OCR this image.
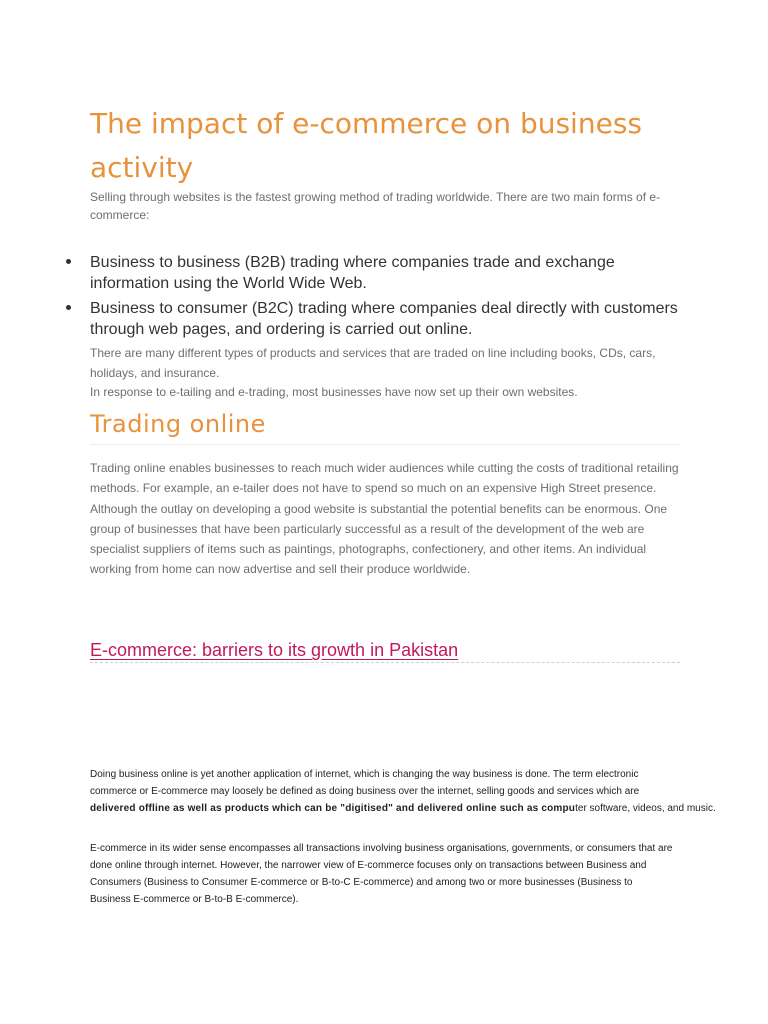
The impact of e-commerce on business
activity

Selling through websites is the fastest growing method of trading worldwide. There are two main forms of e-
commerce:

Business to business (B2B) trading where companies trade and exchange
information using the World Wide Web.
Business to consumer (B2C) trading where companies deal directly with customers
through web pages, and ordering is carried out online.

There are many different types of products and services that are traded on line including books, CDs, cars,
holidays, and insurance.
In response to e-tailing and e-trading, most businesses have now set up their own websites.

Trading online

Trading online enables businesses to reach much wider audiences while cutting the costs of traditional retailing
methods. For example, an e-tailer does not have to spend so much on an expensive High Street presence.
Although the outlay on developing a good website is substantial the potential benefits can be enormous. One
group of businesses that have been particularly successful as a result of the development of the web are
specialist suppliers of items such as paintings, photographs, confectionery, and other items. An individual
working from home can now advertise and sell their produce worldwide.

E-commerce: barriers to its growth in Pakistan

Doing business online is yet another application of internet, which is changing the way business is done. The term electronic
commerce or E-commerce may loosely be defined as doing business over the internet, selling goods and services which are
delivered offline as well as products which can be "digitised" and delivered online such as computer software, videos, and music.

E-commerce in its wider sense encompasses all transactions involving business organisations, governments, or consumers that are
done online through internet. However, the narrower view of E-commerce focuses only on transactions between Business and
Consumers (Business to Consumer E-commerce or B-to-C E-commerce) and among two or more businesses (Business to
Business E-commerce or B-to-B E-commerce).
